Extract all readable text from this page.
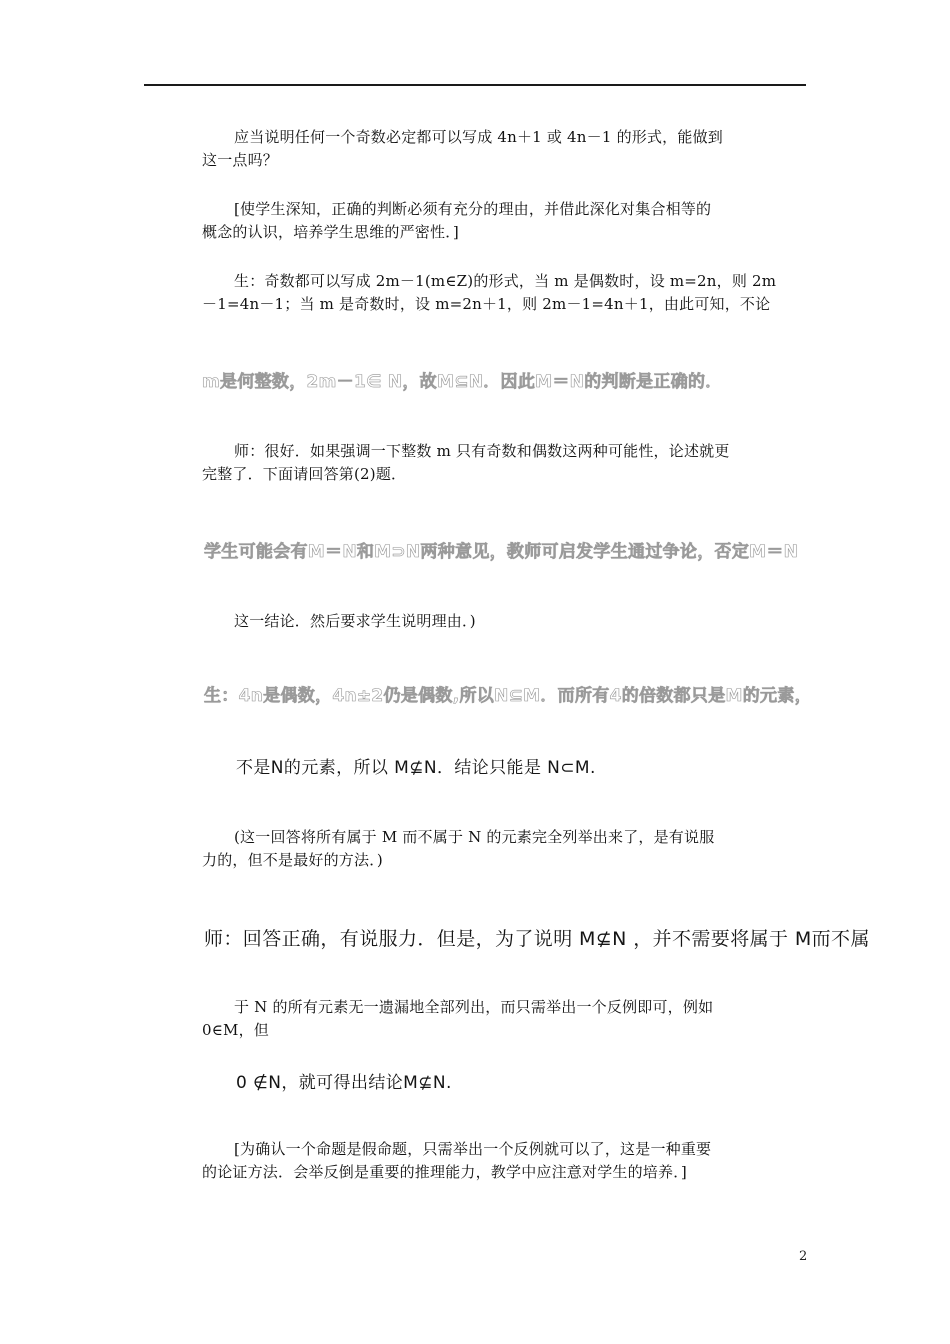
应当说明任何一个奇数必定都可以写成 4n＋1 或 4n－1 的形式，能做到
这一点吗？
[使学生深知，正确的判断必须有充分的理由，并借此深化对集合相等的
概念的认识，培养学生思维的严密性．]
生：奇数都可以写成 2m－1(m∈Z)的形式，当 m 是偶数时，设 m=2n，则 2m
－1=4n－1；当 m 是奇数时，设 m=2n＋1，则 2m－1=4n＋1，由此可知，不论
m是何整数，2m－1∈ N，故M⊆N．因此M＝N的判断是正确的．
师：很好．如果强调一下整数 m 只有奇数和偶数这两种可能性，论述就更
完整了．下面请回答第(2)题．
学生可能会有M＝N和M⊃N两种意见，教师可启发学生通过争论，否定M＝N
这一结论．然后要求学生说明理由．)
生：4n是偶数，4n±2仍是偶数,所以N⊆M．而所有4的倍数都只是M的元素，
不是N的元素，所以 M⊈N．结论只能是 N⊂M.
(这一回答将所有属于 M 而不属于 N 的元素完全列举出来了，是有说服
力的，但不是最好的方法．)
师：回答正确，有说服力．但是，为了说明 M⊈N ，并不需要将属于 M而不属
于 N 的所有元素无一遗漏地全部列出，而只需举出一个反例即可，例如
0∈M，但
0 ∉N，就可得出结论M⊈N.
[为确认一个命题是假命题，只需举出一个反例就可以了，这是一种重要
的论证方法．会举反倒是重要的推理能力，教学中应注意对学生的培养．]
2
